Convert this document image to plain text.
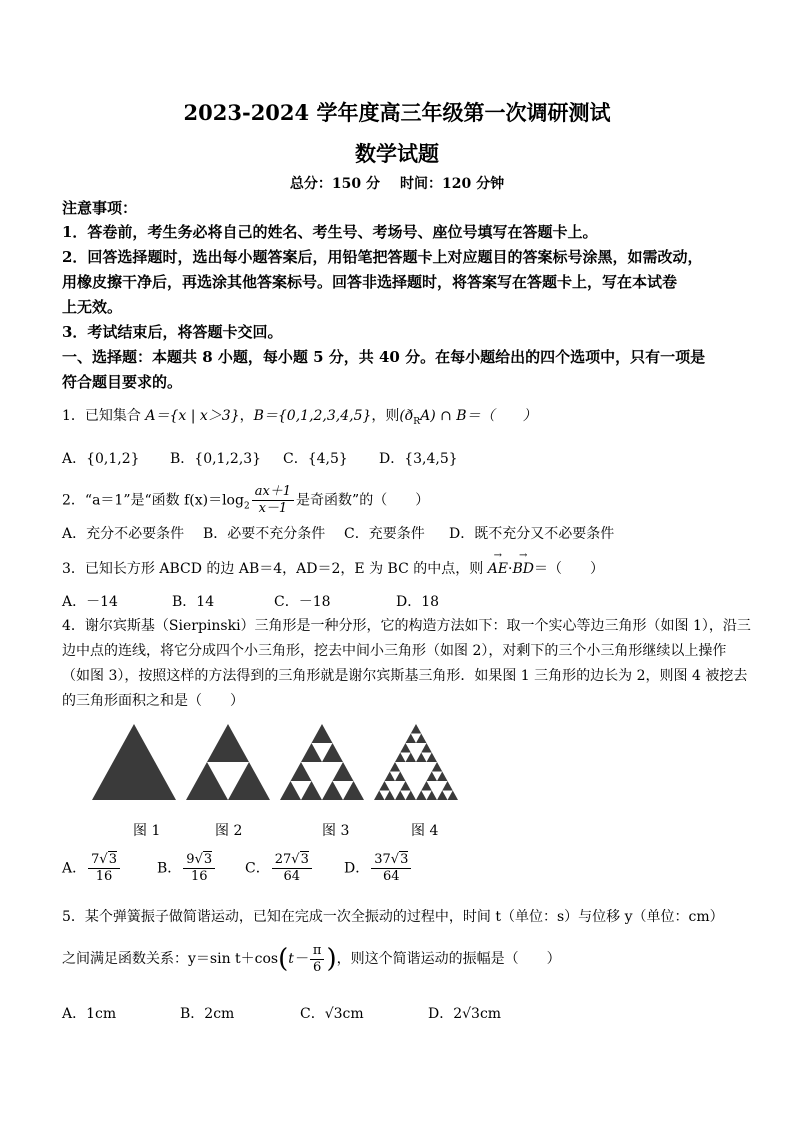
2023-2024 学年度高三年级第一次调研测试
数学试题
总分：150 分 时间：120 分钟
注意事项：
1．答卷前，考生务必将自己的姓名、考生号、考场号、座位号填写在答题卡上。
2．回答选择题时，选出每小题答案后，用铅笔把答题卡上对应题目的答案标号涂黑，如需改动，
用橡皮擦干净后，再选涂其他答案标号。回答非选择题时，将答案写在答题卡上，写在本试卷
上无效。
3．考试结束后，将答题卡交回。
一、选择题：本题共 8 小题，每小题 5 分，共 40 分。在每小题给出的四个选项中，只有一项是
符合题目要求的。
1．已知集合 A＝{x | x＞3}，B＝{0,1,2,3,4,5}，则$(ð_RA)$ ∩ B＝（　　）
A．{0,1,2} B．{0,1,2,3} C．{4,5} D．{3,4,5}
2．“a＝1”是“函数 $f(x)=\log_2 \frac{ax+1}{x-1}$ 是奇函数”的（　　）
A．充分不必要条件 B．必要不充分条件 C．充要条件 D．既不充分又不必要条件
3．已知长方形 ABCD 的边 AB＝4，AD＝2，E 为 BC 的中点，则 → AE·→ BD＝（　　）
A．－14	B．14	C．－18	D．18
4．谢尔宾斯基（Sierpinski）三角形是一种分形，它的构造方法如下：取一个实心等边三角形（如图 1），沿三
边中点的连线，将它分成四个小三角形，挖去中间小三角形（如图 2），对剩下的三个小三角形继续以上操作
（如图 3），按照这样的方法得到的三角形就是谢尔宾斯基三角形．如果图 1 三角形的边长为 2，则图 4 被挖去
的三角形面积之和是（　　）
图 1	图 2	图 3	图 4
A． $\frac{7√3}{16}$	B． $\frac{9√3}{16}$ C． $\frac{27√3}{64}$ D． $\frac{37√3}{64}$
5．某个弹簧振子做简谐运动，已知在完成一次全振动的过程中，时间 t（单位：s）与位移 y（单位：cm）
之间满足函数关系：y＝sin $t+\cos(t- \frac{\pi}{6}$ )，则这个简谐运动的振幅是（　　）
A．1cm	B．2cm	C．√3cm	D．2√3cm
